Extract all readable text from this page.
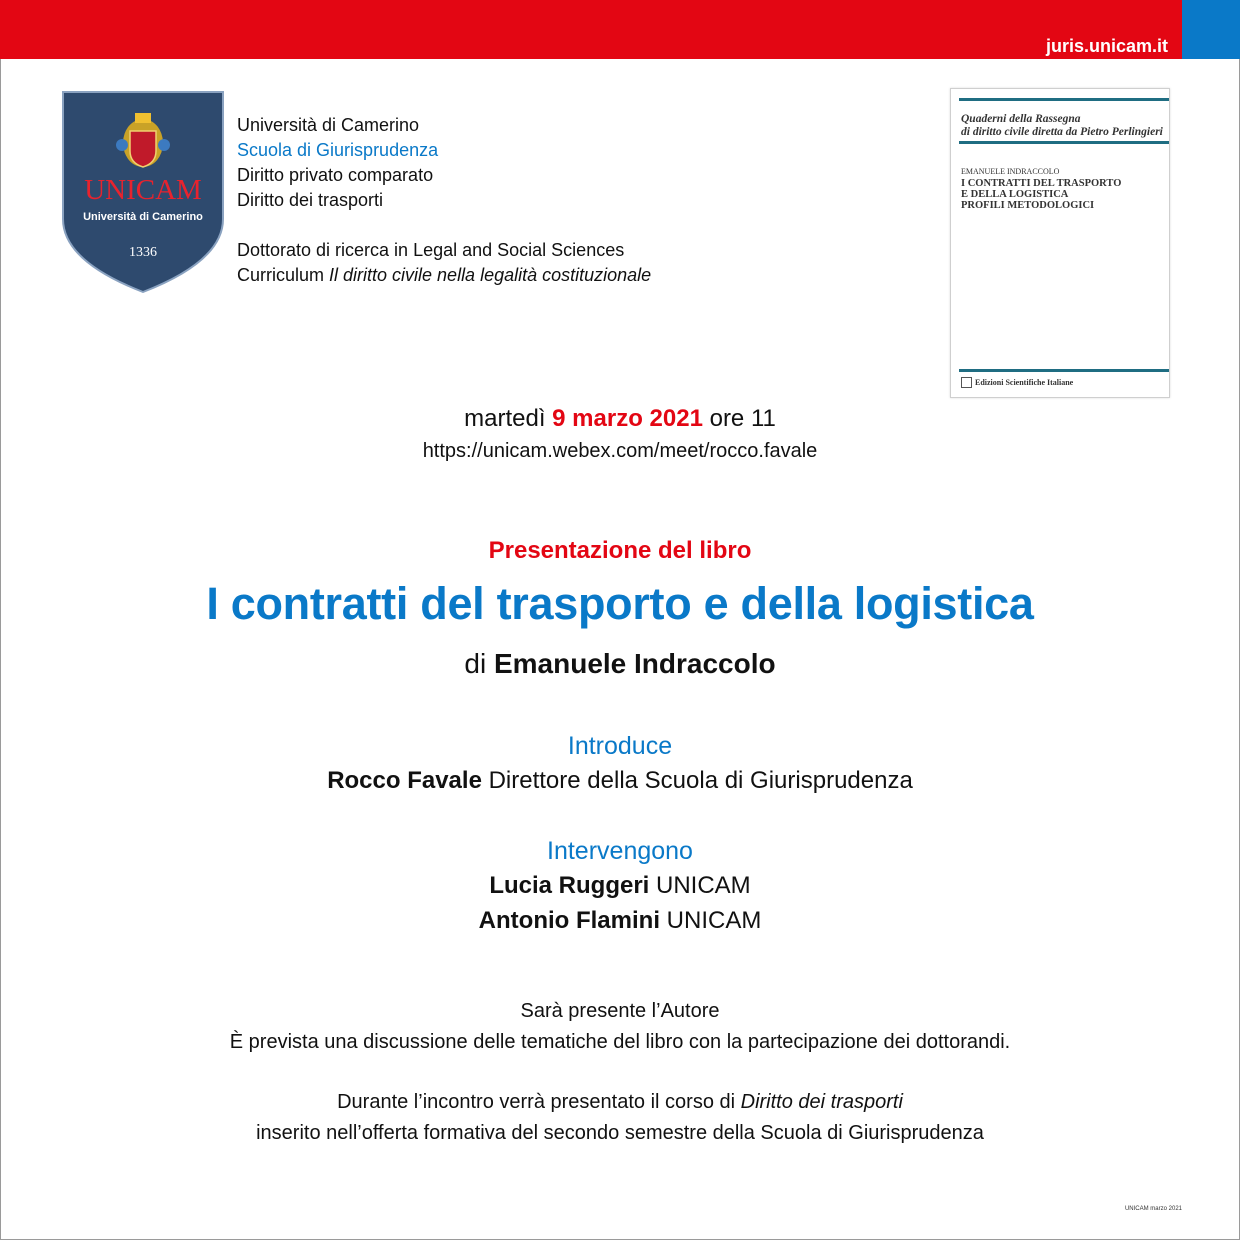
juris.unicam.it
UNICAM
Università di Camerino
1336
Università di Camerino
Scuola di Giurisprudenza
Diritto privato comparato
Diritto dei trasporti
Dottorato di ricerca in Legal and Social Sciences
Curriculum Il diritto civile nella legalità costituzionale
Quaderni della Rassegna
di diritto civile diretta da Pietro Perlingieri
EMANUELE INDRACCOLO
I CONTRATTI DEL TRASPORTO
E DELLA LOGISTICA
PROFILI METODOLOGICI
Edizioni Scientifiche Italiane
martedì 9 marzo 2021 ore 11
https://unicam.webex.com/meet/rocco.favale
Presentazione del libro
I contratti del trasporto e della logistica
di Emanuele Indraccolo
Introduce
Rocco Favale Direttore della Scuola di Giurisprudenza
Intervengono
Lucia Ruggeri UNICAM
Antonio Flamini UNICAM
Sarà presente l’Autore
È prevista una discussione delle tematiche del libro con la partecipazione dei dottorandi.
Durante l’incontro verrà presentato il corso di Diritto dei trasporti
inserito nell’offerta formativa del secondo semestre della Scuola di Giurisprudenza
UNICAM marzo 2021
